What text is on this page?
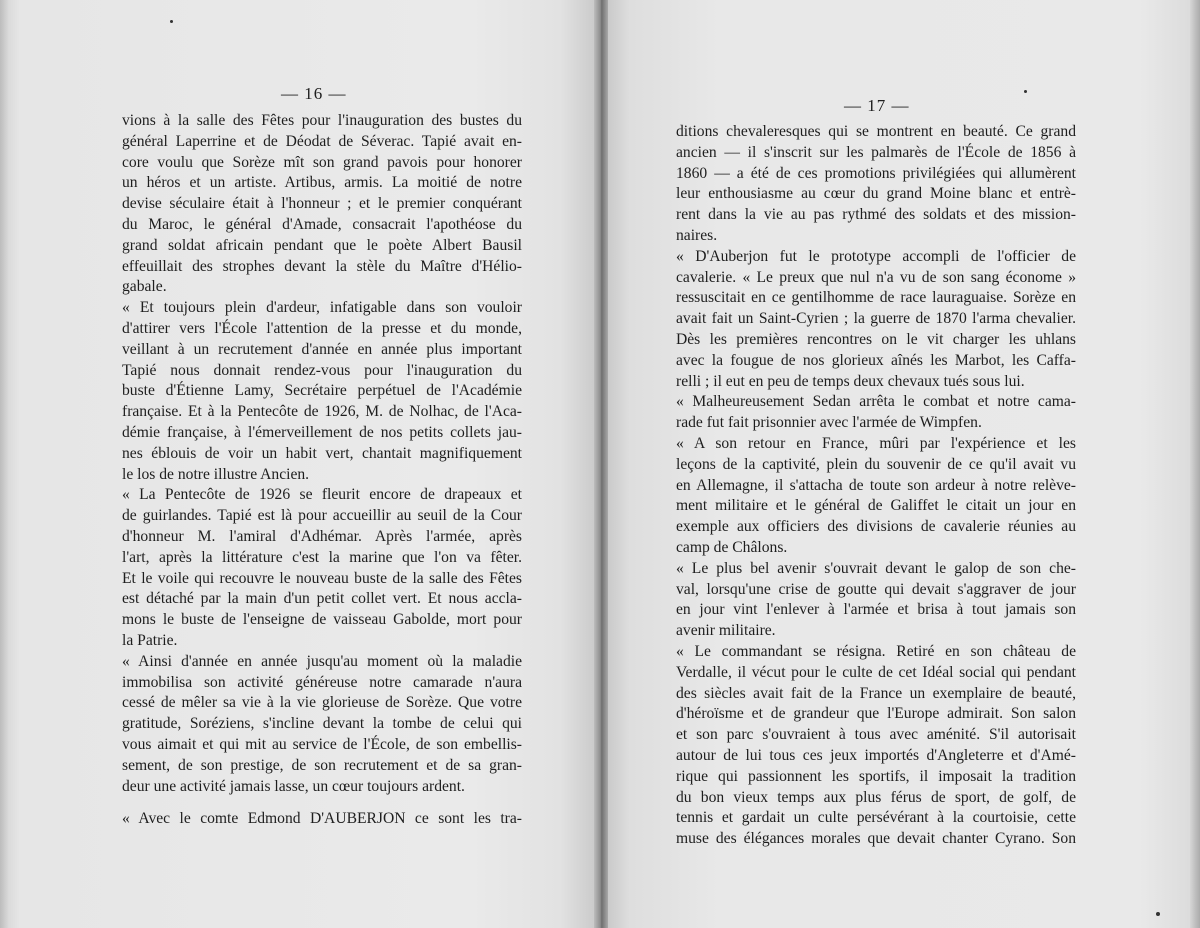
— 16 —
vions à la salle des Fêtes pour l'inauguration des bustes du
général Laperrine et de Déodat de Séverac. Tapié avait en-
core voulu que Sorèze mît son grand pavois pour honorer
un héros et un artiste. Artibus, armis. La moitié de notre
devise séculaire était à l'honneur ; et le premier conquérant
du Maroc, le général d'Amade, consacrait l'apothéose du
grand soldat africain pendant que le poète Albert Bausil
effeuillait des strophes devant la stèle du Maître d'Hélio-
gabale.
« Et toujours plein d'ardeur, infatigable dans son vouloir
d'attirer vers l'École l'attention de la presse et du monde,
veillant à un recrutement d'année en année plus important
Tapié nous donnait rendez-vous pour l'inauguration du
buste d'Étienne Lamy, Secrétaire perpétuel de l'Académie
française. Et à la Pentecôte de 1926, M. de Nolhac, de l'Aca-
démie française, à l'émerveillement de nos petits collets jau-
nes éblouis de voir un habit vert, chantait magnifiquement
le los de notre illustre Ancien.
« La Pentecôte de 1926 se fleurit encore de drapeaux et
de guirlandes. Tapié est là pour accueillir au seuil de la Cour
d'honneur M. l'amiral d'Adhémar. Après l'armée, après
l'art, après la littérature c'est la marine que l'on va fêter.
Et le voile qui recouvre le nouveau buste de la salle des Fêtes
est détaché par la main d'un petit collet vert. Et nous accla-
mons le buste de l'enseigne de vaisseau Gabolde, mort pour
la Patrie.
« Ainsi d'année en année jusqu'au moment où la maladie
immobilisa son activité généreuse notre camarade n'aura
cessé de mêler sa vie à la vie glorieuse de Sorèze. Que votre
gratitude, Soréziens, s'incline devant la tombe de celui qui
vous aimait et qui mit au service de l'École, de son embellis-
sement, de son prestige, de son recrutement et de sa gran-
deur une activité jamais lasse, un cœur toujours ardent.
« Avec le comte Edmond D'AUBERJON ce sont les tra-
— 17 —
ditions chevaleresques qui se montrent en beauté. Ce grand
ancien — il s'inscrit sur les palmarès de l'École de 1856 à
1860 — a été de ces promotions privilégiées qui allumèrent
leur enthousiasme au cœur du grand Moine blanc et entrè-
rent dans la vie au pas rythmé des soldats et des mission-
naires.
« D'Auberjon fut le prototype accompli de l'officier de
cavalerie. « Le preux que nul n'a vu de son sang économe »
ressuscitait en ce gentilhomme de race lauraguaise. Sorèze en
avait fait un Saint-Cyrien ; la guerre de 1870 l'arma chevalier.
Dès les premières rencontres on le vit charger les uhlans
avec la fougue de nos glorieux aînés les Marbot, les Caffa-
relli ; il eut en peu de temps deux chevaux tués sous lui.
« Malheureusement Sedan arrêta le combat et notre cama-
rade fut fait prisonnier avec l'armée de Wimpfen.
« A son retour en France, mûri par l'expérience et les
leçons de la captivité, plein du souvenir de ce qu'il avait vu
en Allemagne, il s'attacha de toute son ardeur à notre relève-
ment militaire et le général de Galiffet le citait un jour en
exemple aux officiers des divisions de cavalerie réunies au
camp de Châlons.
« Le plus bel avenir s'ouvrait devant le galop de son che-
val, lorsqu'une crise de goutte qui devait s'aggraver de jour
en jour vint l'enlever à l'armée et brisa à tout jamais son
avenir militaire.
« Le commandant se résigna. Retiré en son château de
Verdalle, il vécut pour le culte de cet Idéal social qui pendant
des siècles avait fait de la France un exemplaire de beauté,
d'héroïsme et de grandeur que l'Europe admirait. Son salon
et son parc s'ouvraient à tous avec aménité. S'il autorisait
autour de lui tous ces jeux importés d'Angleterre et d'Amé-
rique qui passionnent les sportifs, il imposait la tradition
du bon vieux temps aux plus férus de sport, de golf, de
tennis et gardait un culte persévérant à la courtoisie, cette
muse des élégances morales que devait chanter Cyrano. Son
